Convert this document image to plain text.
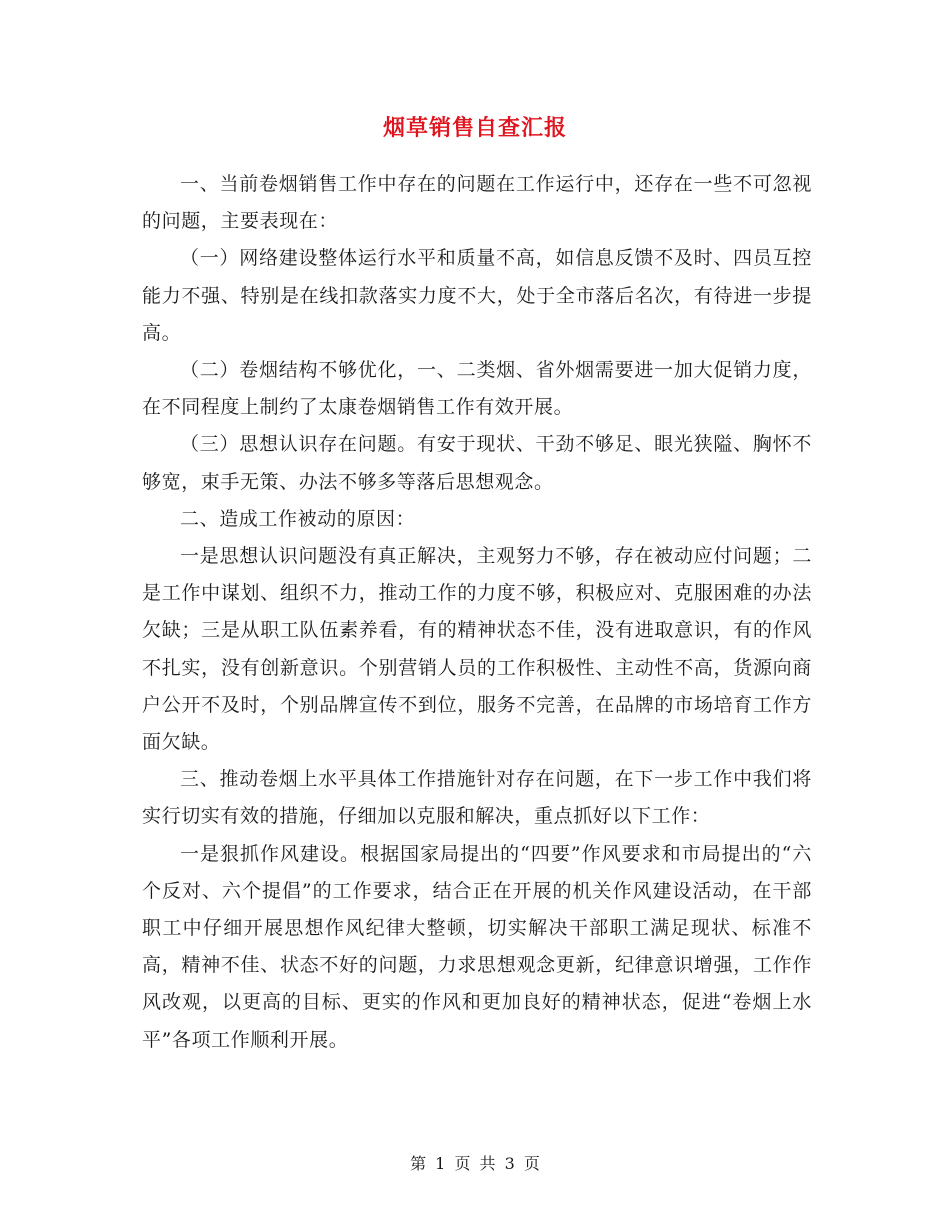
烟草销售自查汇报

一、当前卷烟销售工作中存在的问题在工作运行中，还存在一些不可忽视的问题，主要表现在：

（一）网络建设整体运行水平和质量不高，如信息反馈不及时、四员互控能力不强、特别是在线扣款落实力度不大，处于全市落后名次，有待进一步提高。

（二）卷烟结构不够优化，一、二类烟、省外烟需要进一加大促销力度，在不同程度上制约了太康卷烟销售工作有效开展。

（三）思想认识存在问题。有安于现状、干劲不够足、眼光狭隘、胸怀不够宽，束手无策、办法不够多等落后思想观念。

二、造成工作被动的原因：

一是思想认识问题没有真正解决，主观努力不够，存在被动应付问题；二是工作中谋划、组织不力，推动工作的力度不够，积极应对、克服困难的办法欠缺；三是从职工队伍素养看，有的精神状态不佳，没有进取意识，有的作风不扎实，没有创新意识。个别营销人员的工作积极性、主动性不高，货源向商户公开不及时，个别品牌宣传不到位，服务不完善，在品牌的市场培育工作方面欠缺。

三、推动卷烟上水平具体工作措施针对存在问题，在下一步工作中我们将实行切实有效的措施，仔细加以克服和解决，重点抓好以下工作：

一是狠抓作风建设。根据国家局提出的“四要”作风要求和市局提出的“六个反对、六个提倡”的工作要求，结合正在开展的机关作风建设活动，在干部职工中仔细开展思想作风纪律大整顿，切实解决干部职工满足现状、标准不高，精神不佳、状态不好的问题，力求思想观念更新，纪律意识增强，工作作风改观，以更高的目标、更实的作风和更加良好的精神状态，促进“卷烟上水平”各项工作顺利开展。

第 1 页 共 3 页
